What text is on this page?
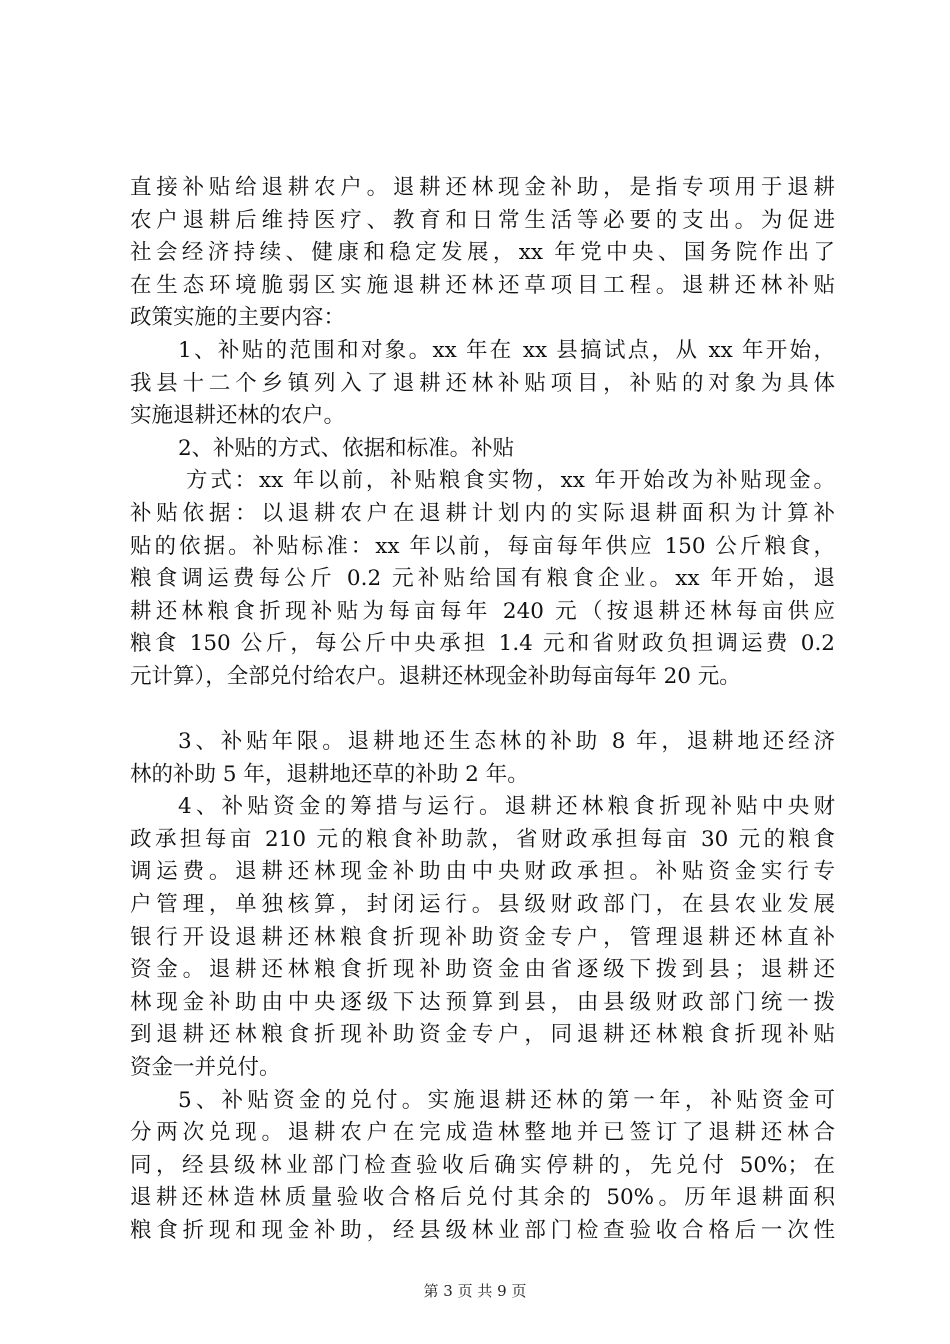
直接补贴给退耕农户。退耕还林现金补助，是指专项用于退耕
农户退耕后维持医疗、教育和日常生活等必要的支出。为促进
社会经济持续、健康和稳定发展，xx 年党中央、国务院作出了
在生态环境脆弱区实施退耕还林还草项目工程。退耕还林补贴
政策实施的主要内容：
1、补贴的范围和对象。xx 年在 xx 县搞试点，从 xx 年开始，
我县十二个乡镇列入了退耕还林补贴项目，补贴的对象为具体
实施退耕还林的农户。
2、补贴的方式、依据和标准。补贴
方式：xx 年以前，补贴粮食实物，xx 年开始改为补贴现金。
补贴依据：以退耕农户在退耕计划内的实际退耕面积为计算补
贴的依据。补贴标准：xx 年以前，每亩每年供应 150 公斤粮食，
粮食调运费每公斤 0.2 元补贴给国有粮食企业。xx 年开始，退
耕还林粮食折现补贴为每亩每年 240 元（按退耕还林每亩供应
粮食 150 公斤，每公斤中央承担 1.4 元和省财政负担调运费 0.2
元计算），全部兑付给农户。退耕还林现金补助每亩每年 20 元。
3、补贴年限。退耕地还生态林的补助 8 年，退耕地还经济
林的补助 5 年，退耕地还草的补助 2 年。
4、补贴资金的筹措与运行。退耕还林粮食折现补贴中央财
政承担每亩 210 元的粮食补助款，省财政承担每亩 30 元的粮食
调运费。退耕还林现金补助由中央财政承担。补贴资金实行专
户管理，单独核算，封闭运行。县级财政部门，在县农业发展
银行开设退耕还林粮食折现补助资金专户，管理退耕还林直补
资金。退耕还林粮食折现补助资金由省逐级下拨到县；退耕还
林现金补助由中央逐级下达预算到县，由县级财政部门统一拨
到退耕还林粮食折现补助资金专户，同退耕还林粮食折现补贴
资金一并兑付。
5、补贴资金的兑付。实施退耕还林的第一年，补贴资金可
分两次兑现。退耕农户在完成造林整地并已签订了退耕还林合
同，经县级林业部门检查验收后确实停耕的，先兑付 50%；在
退耕还林造林质量验收合格后兑付其余的 50%。历年退耕面积
粮食折现和现金补助，经县级林业部门检查验收合格后一次性
第 3 页 共 9 页
